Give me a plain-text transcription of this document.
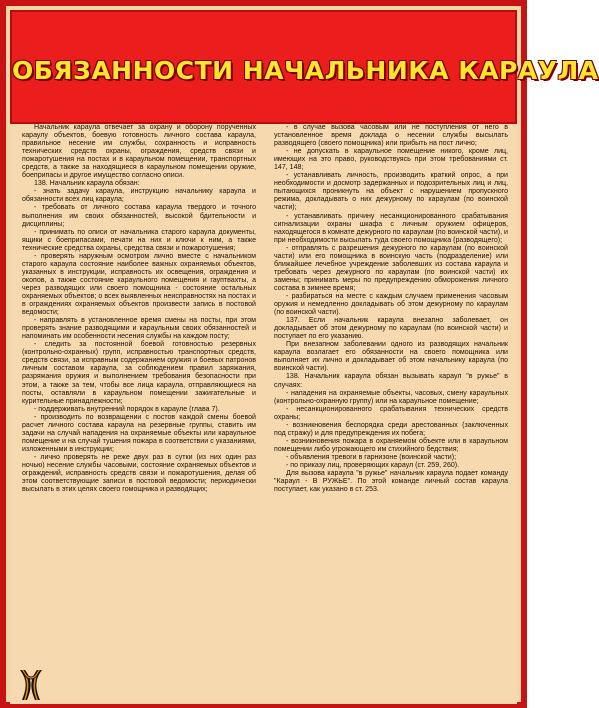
ОБЯЗАННОСТИ НАЧАЛЬНИКА КАРАУЛА

Начальник караула отвечает за охрану и оборону порученных караулу объектов, боевую готовность личного состава караула, правильное несение им службы, сохранность и исправность технических средств охраны, ограждения, средств связи и пожаротушения на постах и в караульном помещении, транспортных средств, а также за находящиеся в караульном помещении оружие, боеприпасы и другое имущество согласно описи.

138. Начальник караула обязан:

- знать задачу караула, инструкцию начальнику караула и обязанности всех лиц караула;

- требовать от личного состава караула твердого и точного выполнения им своих обязанностей, высокой бдительности и дисциплины;

- принимать по описи от начальника старого караула документы, ящики с боеприпасами, печати на них и ключи к ним, а также технические средства охраны, средства связи и пожаротушения;

- проверять наружным осмотром лично вместе с начальником старого караула состояние наиболее важных охраняемых объектов, указанных в инструкции, исправность их освещения, ограждения и окопов, а также состояние караульного помещения и гауптвахты, а через разводящих или своего помощника - состояние остальных охраняемых объектов; о всех выявленных неисправностях на постах и в ограждениях охраняемых объектов произвести запись в постовой ведомости;

- направлять в установленное время смены на посты, при этом проверять знание разводящими и караульным своих обязанностей и напоминать им особенности несения службы на каждом посту;

- следить за постоянной боевой готовностью резервных (контрольно-охранных) групп, исправностью транспортных средств, средств связи, за исправным содержанием оружия и боевых патронов личным составом караула, за соблюдением правил заряжания, разряжания оружия и выполнением требования безопасности при этом, а также за тем, чтобы все лица караула, отправляющиеся на посты, оставляли в караульном помещении зажигательные и курительные принадлежности;

- поддерживать внутренний порядок в карауле (глава 7).

- производить по возвращении с постов каждой смены боевой расчет личного состава караула на резервные группы, ставить им задачи на случай нападения на охраняемые объекты или караульное помещение и на случай тушения пожара в соответствии с указаниями, изложенными в инструкции;

- лично проверять не реже двух раз в сутки (из них один раз ночью) несение службы часовыми, состояние охраняемых объектов и ограждений, исправность средств связи и пожаротушения, делая об этом соответствующие записи в постовой ведомости; периодически высылать в этих целях своего гомощника и разводящих;

- в случае вызова часовым или не поступления от него в установленное время доклада о несении службы высылать разводящего (своего помощника) или прибыть на пост лично;

- не допускать в караульное помещение никого, кроме лиц, имеющих на это право, руководствуясь при этом требованиями ст. 147, 148;

- устанавливать личность, производить краткий опрос, а при необходимости и досмотр задержанных и подозрительных лиц и лиц, пытающихся проникнуть на объект с нарушением пропускного режима, докладывать о них дежурному по караулам (по воинской части);

- устанавливать причину несанкционированного срабатывания сигнализации охраны шкафа с личным оружием офицеров, находящегося в комнате дежурного по караулам (по воинской части), и при необходимости высылать туда своего помощника (разводящего);

- отправлять с разрешения дежурного по караулам (по воинской части) или его помощника в воинскую часть (подразделение) или ближайшее лечебное учреждение заболевших из состава караула и требовать через дежурного по караулам (по воинской части) их замены; принимать меры по предупреждению обморожения личного состава в зимнее время;

- разбираться на месте с каждым случаем применения часовым оружия и немедленно докладывать об этом дежурному по караулам (по воинской части).

137. Если начальник караула внезапно заболевает, он докладывает об этом дежурному по караулам (по воинской части) и поступает по его указанию.

При внезапном заболевании одного из разводящих начальник караула возлагает его обязанности на своего помощника или выполняет их лично и докладывает об этом начальнику караула (по воинской части).

138. Начальник караула обязан вызывать караул "в ружье" в случаях:

- нападения на охраняемые объекты, часовых, смену караульных (контрольно-охранную группу) или на караульное помещение;

- несанкционированного срабатывания технических средств охраны;

- возникновения беспорядка среди арестованных (заключенных под стражу) и для предупреждения их побега;

- возникновения пожара в охраняемом объекте или в караульном помещении либо угрожающего им стихийного бедствия;

- объявления тревоги в гарнизоне (воинской части);

- по приказу лиц, проверяющих караул (ст. 259, 260).

Для вызова караула "в ружье" начальник караула подает команду "Караул - В РУЖЬЕ". По этой команде личный состав караула поступает, как указано в ст. 253.
